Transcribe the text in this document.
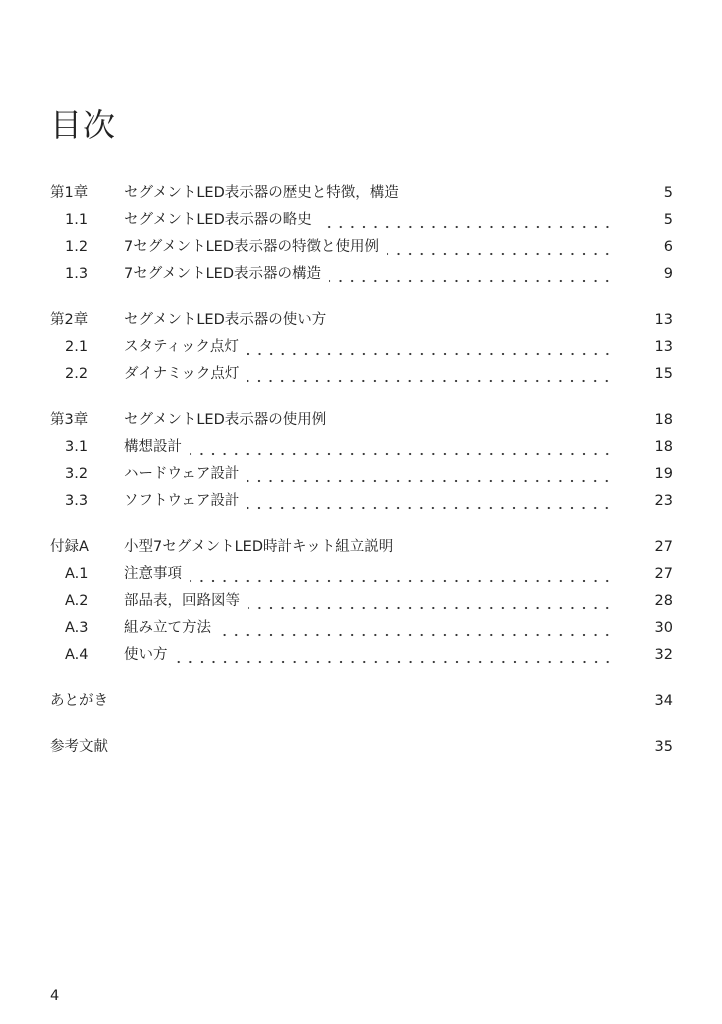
目次
第1章	セグメントLED表示器の歴史と特徴，構造	5
1.1	セグメントLED表示器の略史	5
1.2	7セグメントLED表示器の特徴と使用例	6
1.3	7セグメントLED表示器の構造	9
第2章	セグメントLED表示器の使い方	13
2.1	スタティック点灯	13
2.2	ダイナミック点灯	15
第3章	セグメントLED表示器の使用例	18
3.1	構想設計	18
3.2	ハードウェア設計	19
3.3	ソフトウェア設計	23
付録A	小型7セグメントLED時計キット組立説明	27
A.1	注意事項	27
A.2	部品表，回路図等	28
A.3	組み立て方法	30
A.4	使い方	32
あとがき	34
参考文献	35
4
